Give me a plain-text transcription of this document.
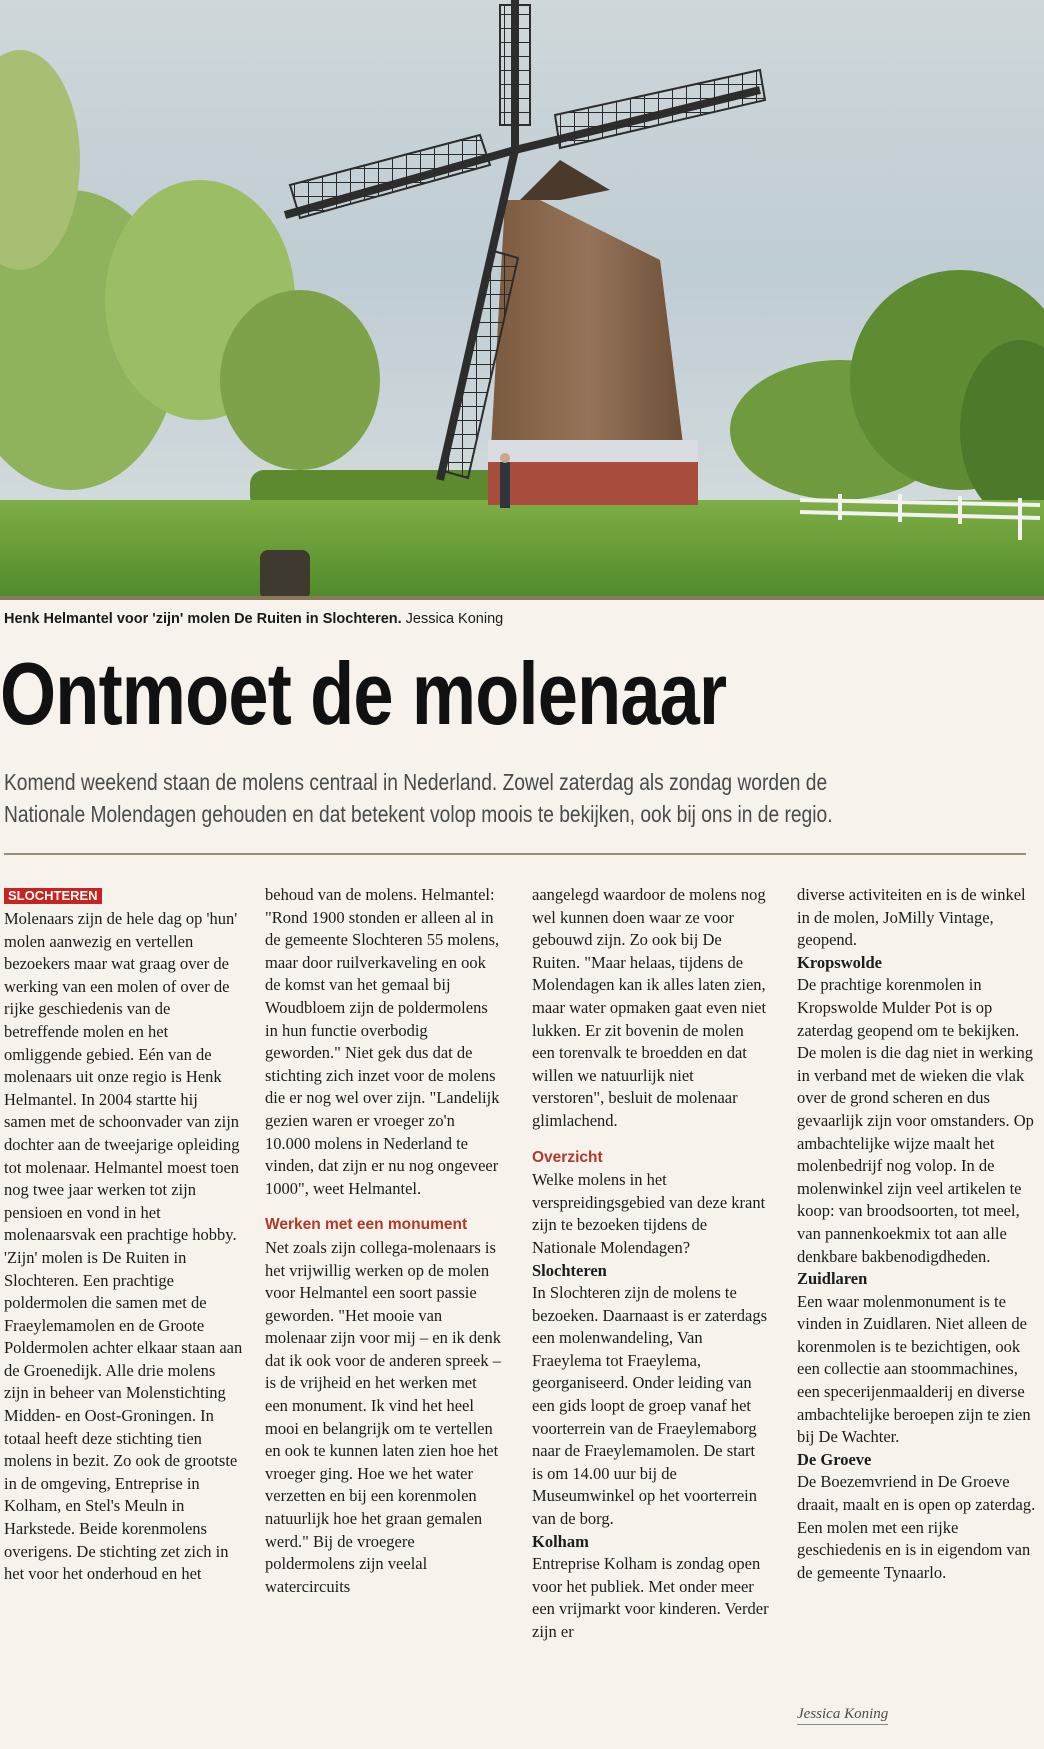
Henk Helmantel voor 'zijn' molen De Ruiten in Slochteren. Jessica Koning
Ontmoet de molenaar

Komend weekend staan de molens centraal in Nederland. Zowel zaterdag als zondag worden de
Nationale Molendagen gehouden en dat betekent volop moois te bekijken, ook bij ons in de regio.

SLOCHTEREN

Molenaars zijn de hele dag op 'hun' molen aanwezig en vertellen bezoekers maar wat graag over de werking van een molen of over de rijke geschiedenis van de betreffende molen en het omliggende gebied. Eén van de molenaars uit onze regio is Henk Helmantel. In 2004 startte hij samen met de schoonvader van zijn dochter aan de tweejarige opleiding tot molenaar. Helmantel moest toen nog twee jaar werken tot zijn pensioen en vond in het molenaarsvak een prachtige hobby. 'Zijn' molen is De Ruiten in Slochteren. Een prachtige poldermolen die samen met de Fraeylemamolen en de Groote Poldermolen achter elkaar staan aan de Groenedijk. Alle drie molens zijn in beheer van Molenstichting Midden- en Oost-Groningen. In totaal heeft deze stichting tien molens in bezit. Zo ook de grootste in de omgeving, Entreprise in Kolham, en Stel's Meuln in Harkstede. Beide korenmolens overigens. De stichting zet zich in het voor het onderhoud en het

behoud van de molens. Helmantel: "Rond 1900 stonden er alleen al in de gemeente Slochteren 55 molens, maar door ruilverkaveling en ook de komst van het gemaal bij Woudbloem zijn de poldermolens in hun functie overbodig geworden." Niet gek dus dat de stichting zich inzet voor de molens die er nog wel over zijn. "Landelijk gezien waren er vroeger zo'n 10.000 molens in Nederland te vinden, dat zijn er nu nog ongeveer 1000", weet Helmantel.

Werken met een monument

Net zoals zijn collega-molenaars is het vrijwillig werken op de molen voor Helmantel een soort passie geworden. "Het mooie van molenaar zijn voor mij – en ik denk dat ik ook voor de anderen spreek – is de vrijheid en het werken met een monument. Ik vind het heel mooi en belangrijk om te vertellen en ook te kunnen laten zien hoe het vroeger ging. Hoe we het water verzetten en bij een korenmolen natuurlijk hoe het graan gemalen werd." Bij de vroegere poldermolens zijn veelal watercircuits

aangelegd waardoor de molens nog wel kunnen doen waar ze voor gebouwd zijn. Zo ook bij De Ruiten. "Maar helaas, tijdens de Molendagen kan ik alles laten zien, maar water opmaken gaat even niet lukken. Er zit bovenin de molen een torenvalk te broedden en dat willen we natuurlijk niet verstoren", besluit de molenaar glimlachend.

Overzicht

Welke molens in het verspreidingsgebied van deze krant zijn te bezoeken tijdens de Nationale Molendagen?

Slochteren

In Slochteren zijn de molens te bezoeken. Daarnaast is er zaterdags een molenwandeling, Van Fraeylema tot Fraeylema, georganiseerd. Onder leiding van een gids loopt de groep vanaf het voorterrein van de Fraeylemaborg naar de Fraeylemamolen. De start is om 14.00 uur bij de Museumwinkel op het voorterrein van de borg.

Kolham

Entreprise Kolham is zondag open voor het publiek. Met onder meer een vrijmarkt voor kinderen. Verder zijn er

diverse activiteiten en is de winkel in de molen, JoMilly Vintage, geopend.

Kropswolde

De prachtige korenmolen in Kropswolde Mulder Pot is op zaterdag geopend om te bekijken. De molen is die dag niet in werking in verband met de wieken die vlak over de grond scheren en dus gevaarlijk zijn voor omstanders. Op ambachtelijke wijze maalt het molenbedrijf nog volop. In de molenwinkel zijn veel artikelen te koop: van broodsoorten, tot meel, van pannenkoekmix tot aan alle denkbare bakbenodigdheden.

Zuidlaren

Een waar molenmonument is te vinden in Zuidlaren. Niet alleen de korenmolen is te bezichtigen, ook een collectie aan stoommachines, een specerijenmaalderij en diverse ambachtelijke beroepen zijn te zien bij De Wachter.

De Groeve

De Boezemvriend in De Groeve draait, maalt en is open op zaterdag. Een molen met een rijke geschiedenis en is in eigendom van de gemeente Tynaarlo.

Jessica Koning
